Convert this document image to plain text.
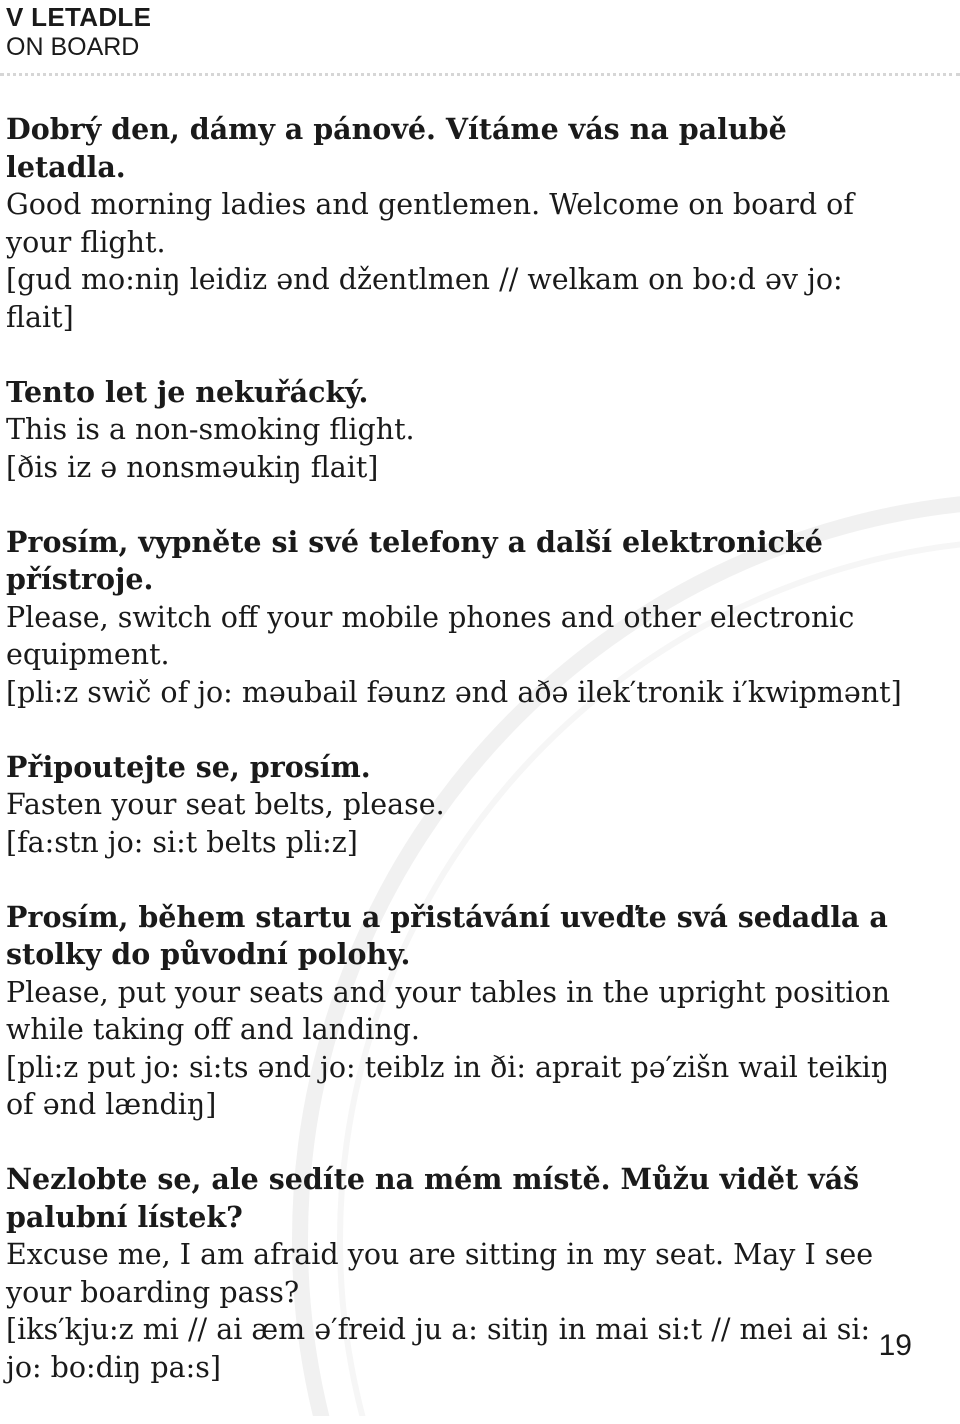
V LETADLE
ON BOARD

Dobrý den, dámy a pánové. Vítáme vás na palubě letadla.

Good morning ladies and gentlemen. Welcome on board of your flight.

[gud mo:niŋ leidiz ənd džentlmen // welkam on bo:d əv jo: flait]

Tento let je nekuřácký.

This is a non-smoking flight.

[ðis iz ə nonsməukiŋ flait]

Prosím, vypněte si své telefony a další elektronické přístroje.

Please, switch off your mobile phones and other electronic equipment.

[pli:z swič of jo: məubail fəunz ənd aðə ilek′tronik i′kwipmənt]

Připoutejte se, prosím.

Fasten your seat belts, please.

[fa:stn jo: si:t belts pli:z]

Prosím, během startu a přistávání uveďte svá sedadla a stolky do původní polohy.

Please, put your seats and your tables in the upright position while taking off and landing.

[pli:z put jo: si:ts ənd jo: teiblz in ði: aprait pə′zišn wail teikiŋ of ənd lændiŋ]

Nezlobte se, ale sedíte na mém místě. Můžu vidět váš palubní lístek?

Excuse me, I am afraid you are sitting in my seat. May I see your boarding pass?

[iks′kju:z mi // ai æm ə′freid ju a: sitiŋ in mai si:t // mei ai si: jo: bo:diŋ pa:s]

19
